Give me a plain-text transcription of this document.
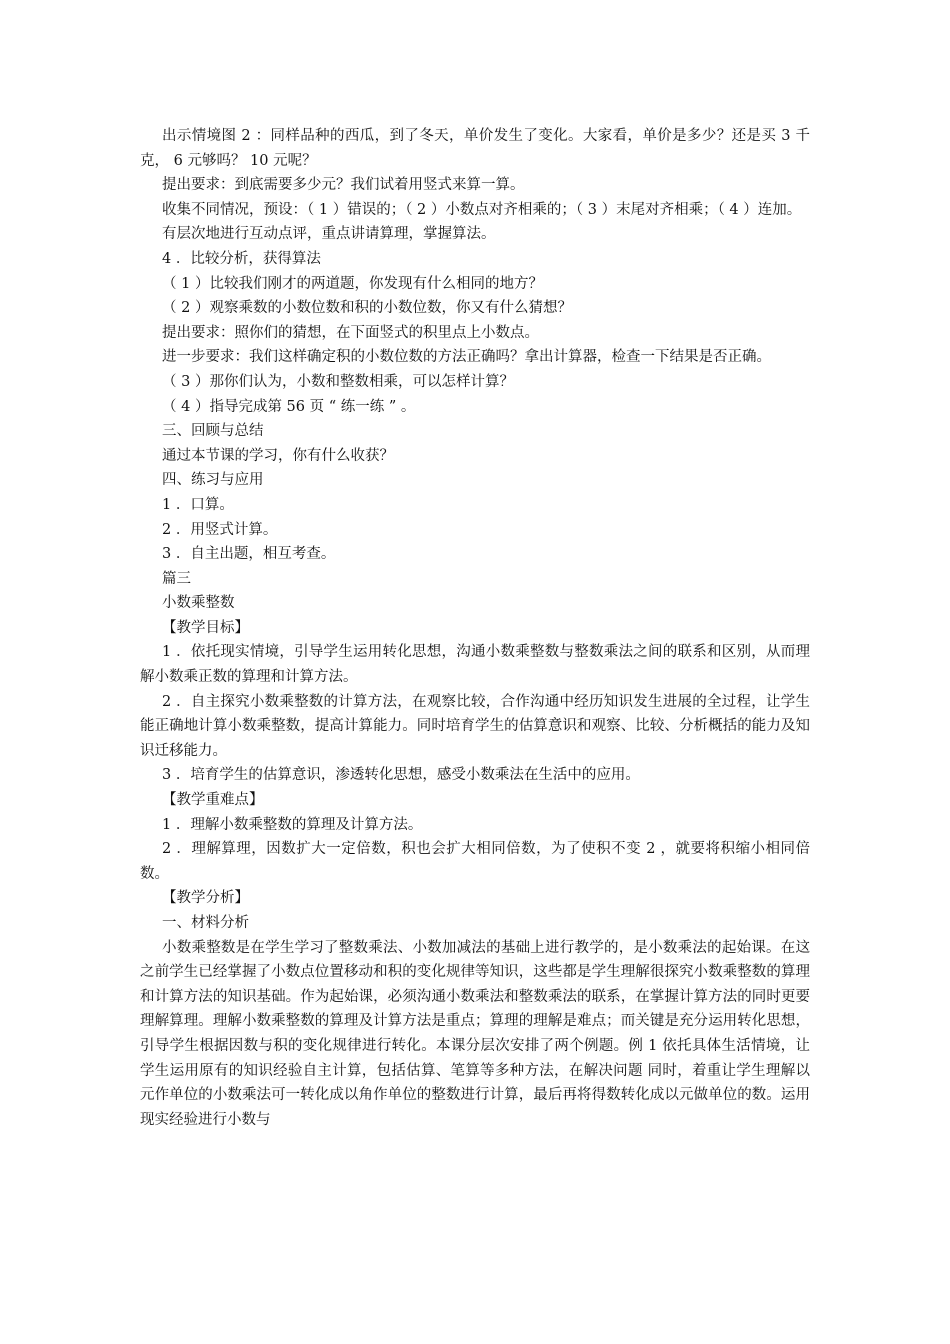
出示情境图 2 ：同样品种的西瓜，到了冬天，单价发生了变化。大家看，单价是多少？还是买 3 千克， 6 元够吗？ 10 元呢？

提出要求：到底需要多少元？我们试着用竖式来算一算。

收集不同情况，预设：（ 1 ）错误的；（ 2 ）小数点对齐相乘的；（ 3 ）末尾对齐相乘；（ 4 ）连加。

有层次地进行互动点评，重点讲请算理，掌握算法。

4 ．比较分析，获得算法

（ 1 ）比较我们刚才的两道题，你发现有什么相同的地方？

（ 2 ）观察乘数的小数位数和积的小数位数，你又有什么猜想？

提出要求：照你们的猜想，在下面竖式的积里点上小数点。

进一步要求：我们这样确定积的小数位数的方法正确吗？拿出计算器，检查一下结果是否正确。

（ 3 ）那你们认为，小数和整数相乘，可以怎样计算？

（ 4 ）指导完成第 56 页 “ 练一练 ” 。

三、回顾与总结

通过本节课的学习，你有什么收获？

四、练习与应用

1 ．口算。

2 ．用竖式计算。

3 ．自主出题，相互考查。

篇三

小数乘整数

【教学目标】

1 ．依托现实情境，引导学生运用转化思想，沟通小数乘整数与整数乘法之间的联系和区别，从而理解小数乘正数的算理和计算方法。

2 ．自主探究小数乘整数的计算方法，在观察比较，合作沟通中经历知识发生进展的全过程，让学生能正确地计算小数乘整数，提高计算能力。同时培育学生的估算意识和观察、比较、分析概括的能力及知识迁移能力。

3 ．培育学生的估算意识，渗透转化思想，感受小数乘法在生活中的应用。

【教学重难点】

1 ．理解小数乘整数的算理及计算方法。

2 ．理解算理，因数扩大一定倍数，积也会扩大相同倍数，为了使积不变 2 ，就要将积缩小相同倍数。

【教学分析】

一、材料分析

小数乘整数是在学生学习了整数乘法、小数加减法的基础上进行教学的，是小数乘法的起始课。在这之前学生已经掌握了小数点位置移动和积的变化规律等知识，这些都是学生理解很探究小数乘整数的算理和计算方法的知识基础。作为起始课，必须沟通小数乘法和整数乘法的联系，在掌握计算方法的同时更要理解算理。理解小数乘整数的算理及计算方法是重点；算理的理解是难点；而关键是充分运用转化思想，引导学生根据因数与积的变化规律进行转化。本课分层次安排了两个例题。例 1 依托具体生活情境，让学生运用原有的知识经验自主计算，包括估算、笔算等多种方法，在解决问题 同时，着重让学生理解以元作单位的小数乘法可一转化成以角作单位的整数进行计算，最后再将得数转化成以元做单位的数。运用现实经验进行小数与
